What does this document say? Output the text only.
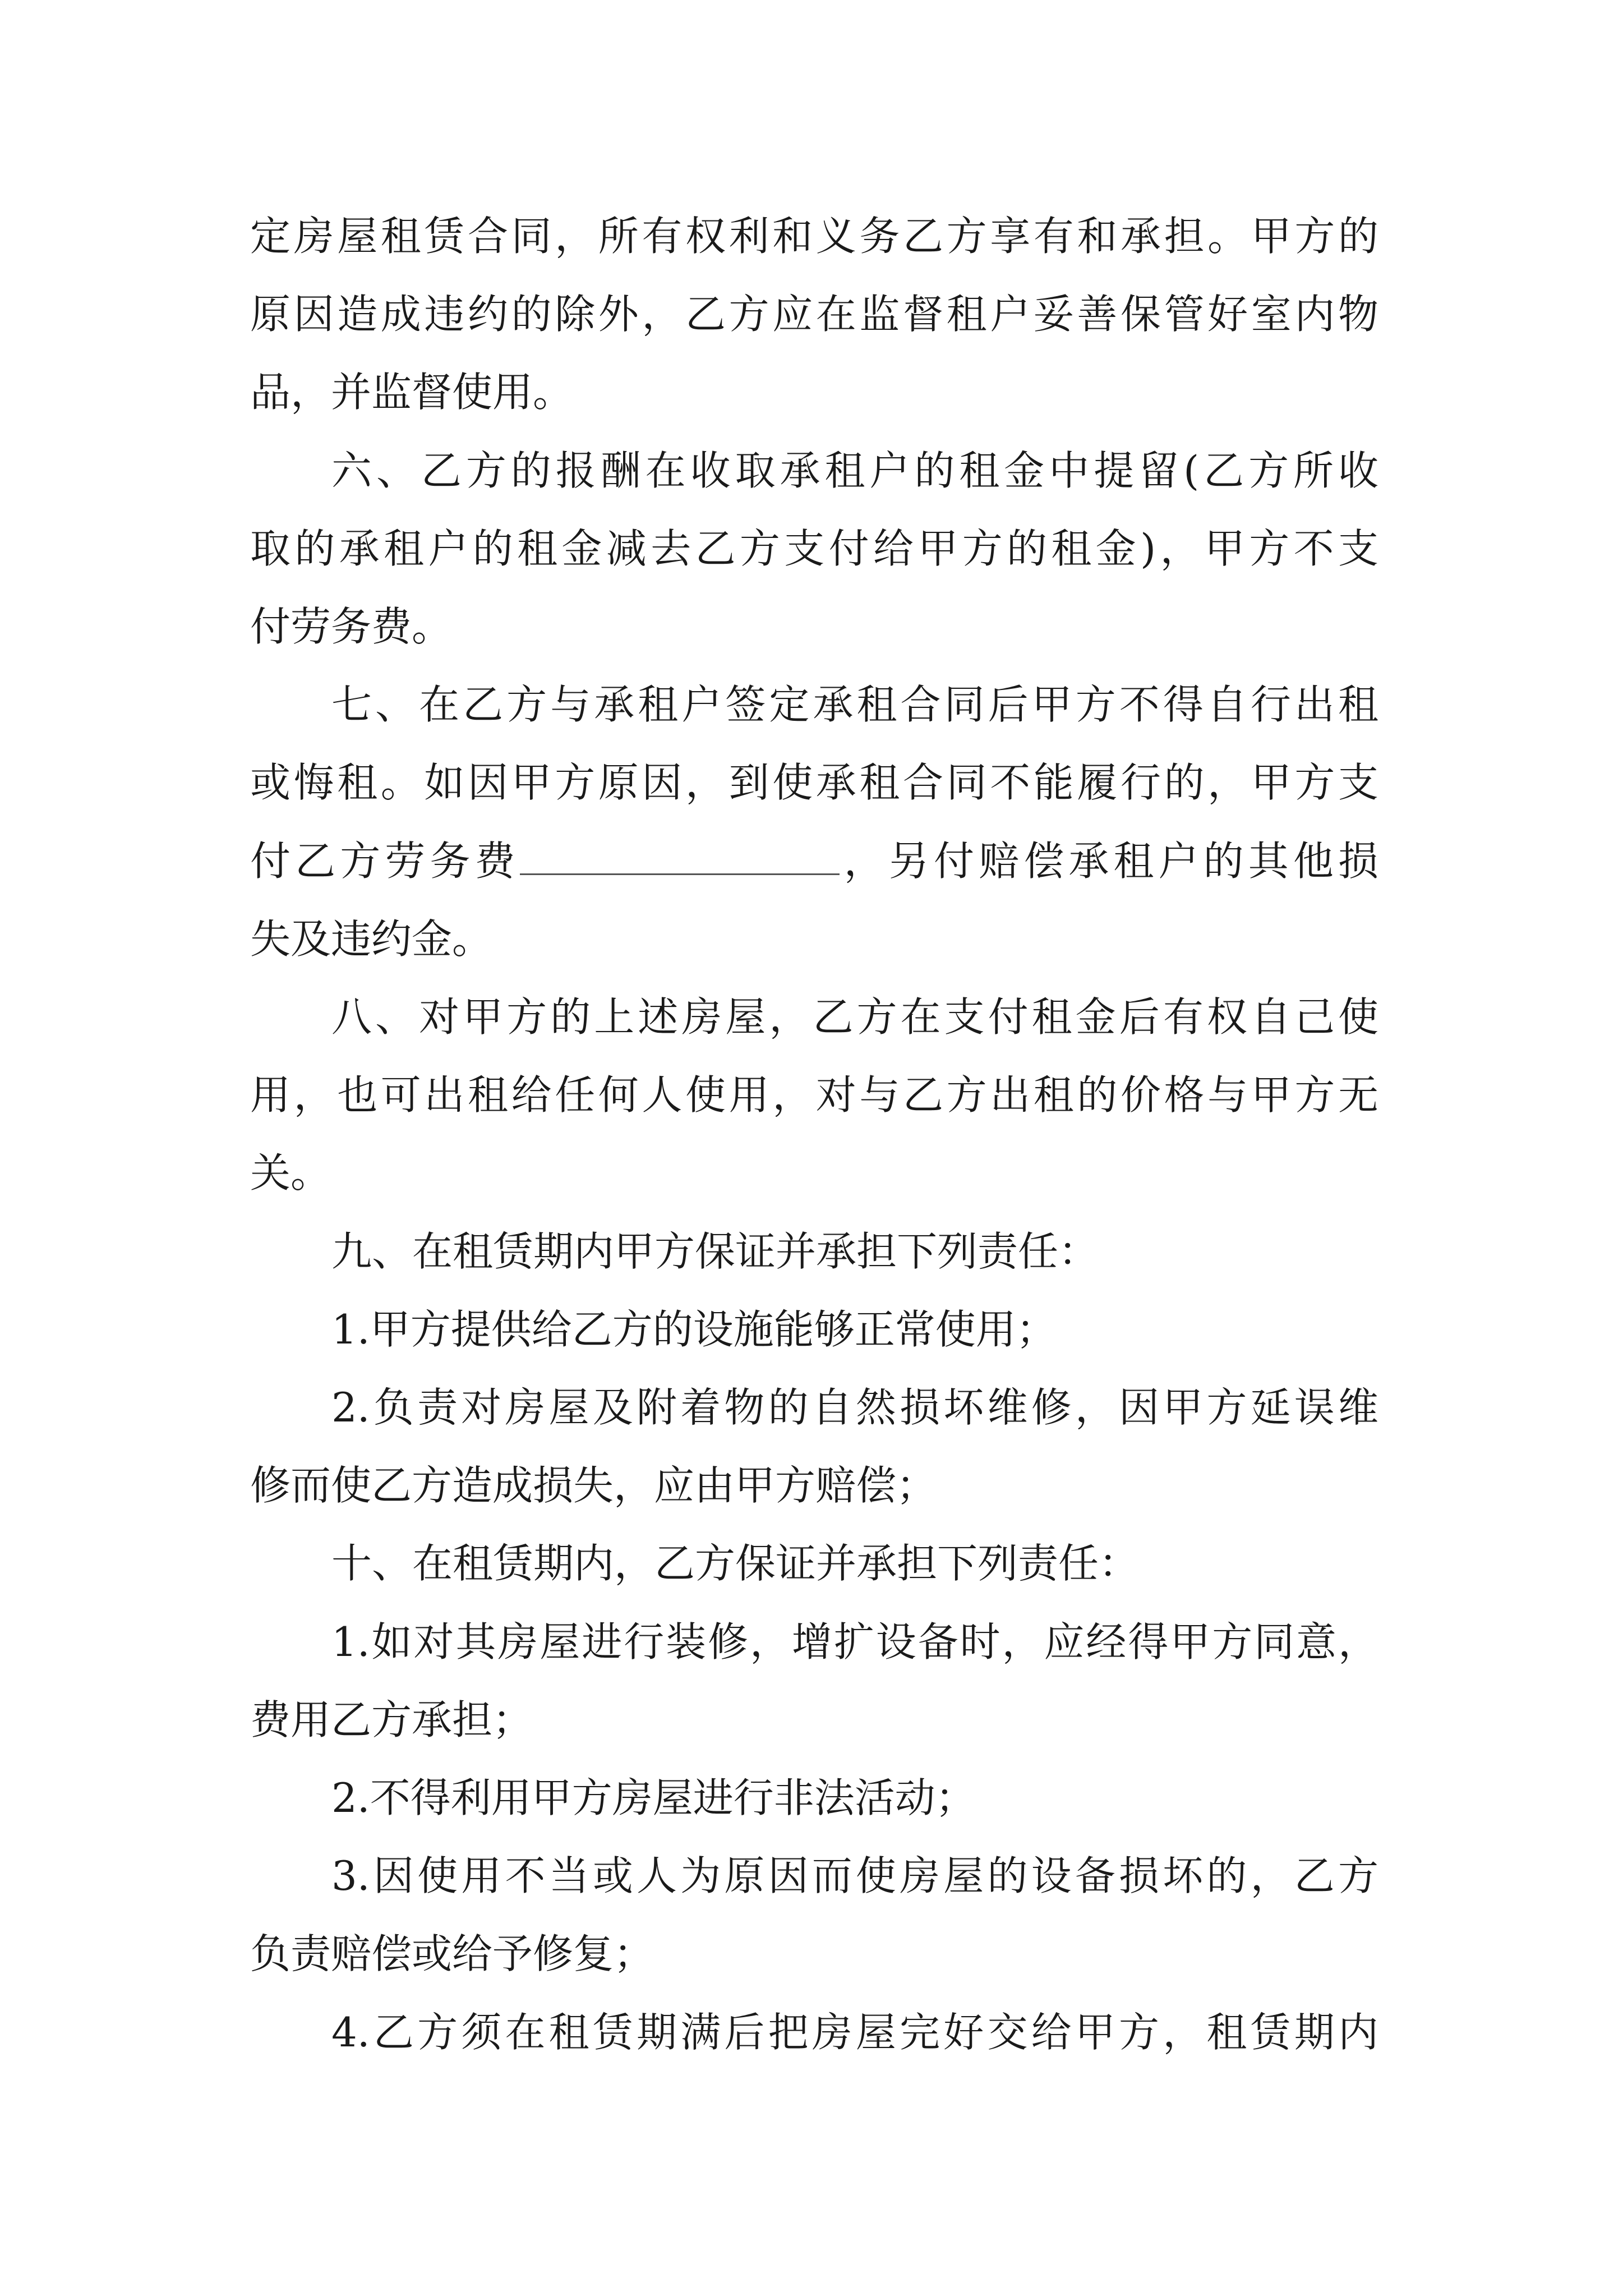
定房屋租赁合同，所有权利和义务乙方享有和承担。甲方的
原因造成违约的除外，乙方应在监督租户妥善保管好室内物
品，并监督使用。
六、乙方的报酬在收取承租户的租金中提留(乙方所收
取的承租户的租金减去乙方支付给甲方的租金)，甲方不支
付劳务费。
七、在乙方与承租户签定承租合同后甲方不得自行出租
或悔租。如因甲方原因，到使承租合同不能履行的，甲方支
付乙方劳务费	，另付赔偿承租户的其他损
失及违约金。
八、对甲方的上述房屋，乙方在支付租金后有权自己使
用，也可出租给任何人使用，对与乙方出租的价格与甲方无
关。
九、在租赁期内甲方保证并承担下列责任：
1.甲方提供给乙方的设施能够正常使用；
2.负责对房屋及附着物的自然损坏维修，因甲方延误维
修而使乙方造成损失，应由甲方赔偿；
十、在租赁期内，乙方保证并承担下列责任：
1.如对其房屋进行装修，增扩设备时，应经得甲方同意，
费用乙方承担；
2.不得利用甲方房屋进行非法活动；
3.因使用不当或人为原因而使房屋的设备损坏的，乙方
负责赔偿或给予修复；
4.乙方须在租赁期满后把房屋完好交给甲方，租赁期内
